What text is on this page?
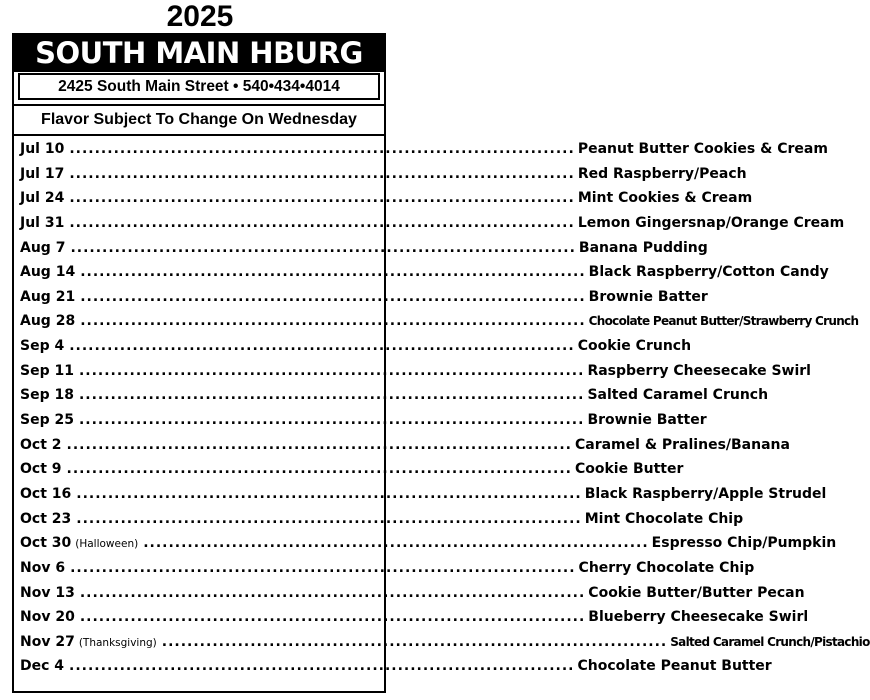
2025
SOUTH MAIN HBURG
2425 South Main Street • 540•434•4014
Flavor Subject To Change On Wednesday
Jul 10 ................................................................................ Peanut Butter Cookies & Cream
Jul 17 ................................................................................ Red Raspberry/Peach
Jul 24 ................................................................................ Mint Cookies & Cream
Jul 31 ................................................................................ Lemon Gingersnap/Orange Cream
Aug 7 ................................................................................ Banana Pudding
Aug 14 ................................................................................ Black Raspberry/Cotton Candy
Aug 21 ................................................................................ Brownie Batter
Aug 28 ................................................................................ Chocolate Peanut Butter/Strawberry Crunch
Sep 4 ................................................................................ Cookie Crunch
Sep 11 ................................................................................ Raspberry Cheesecake Swirl
Sep 18 ................................................................................ Salted Caramel Crunch
Sep 25 ................................................................................ Brownie Batter
Oct 2 ................................................................................ Caramel & Pralines/Banana
Oct 9 ................................................................................ Cookie Butter
Oct 16 ................................................................................ Black Raspberry/Apple Strudel
Oct 23 ................................................................................ Mint Chocolate Chip
Oct 30 (Halloween) ................................................................................ Espresso Chip/Pumpkin
Nov 6 ................................................................................ Cherry Chocolate Chip
Nov 13 ................................................................................ Cookie Butter/Butter Pecan
Nov 20 ................................................................................ Blueberry Cheesecake Swirl
Nov 27 (Thanksgiving) ................................................................................ Salted Caramel Crunch/Pistachio
Dec 4 ................................................................................ Chocolate Peanut Butter
